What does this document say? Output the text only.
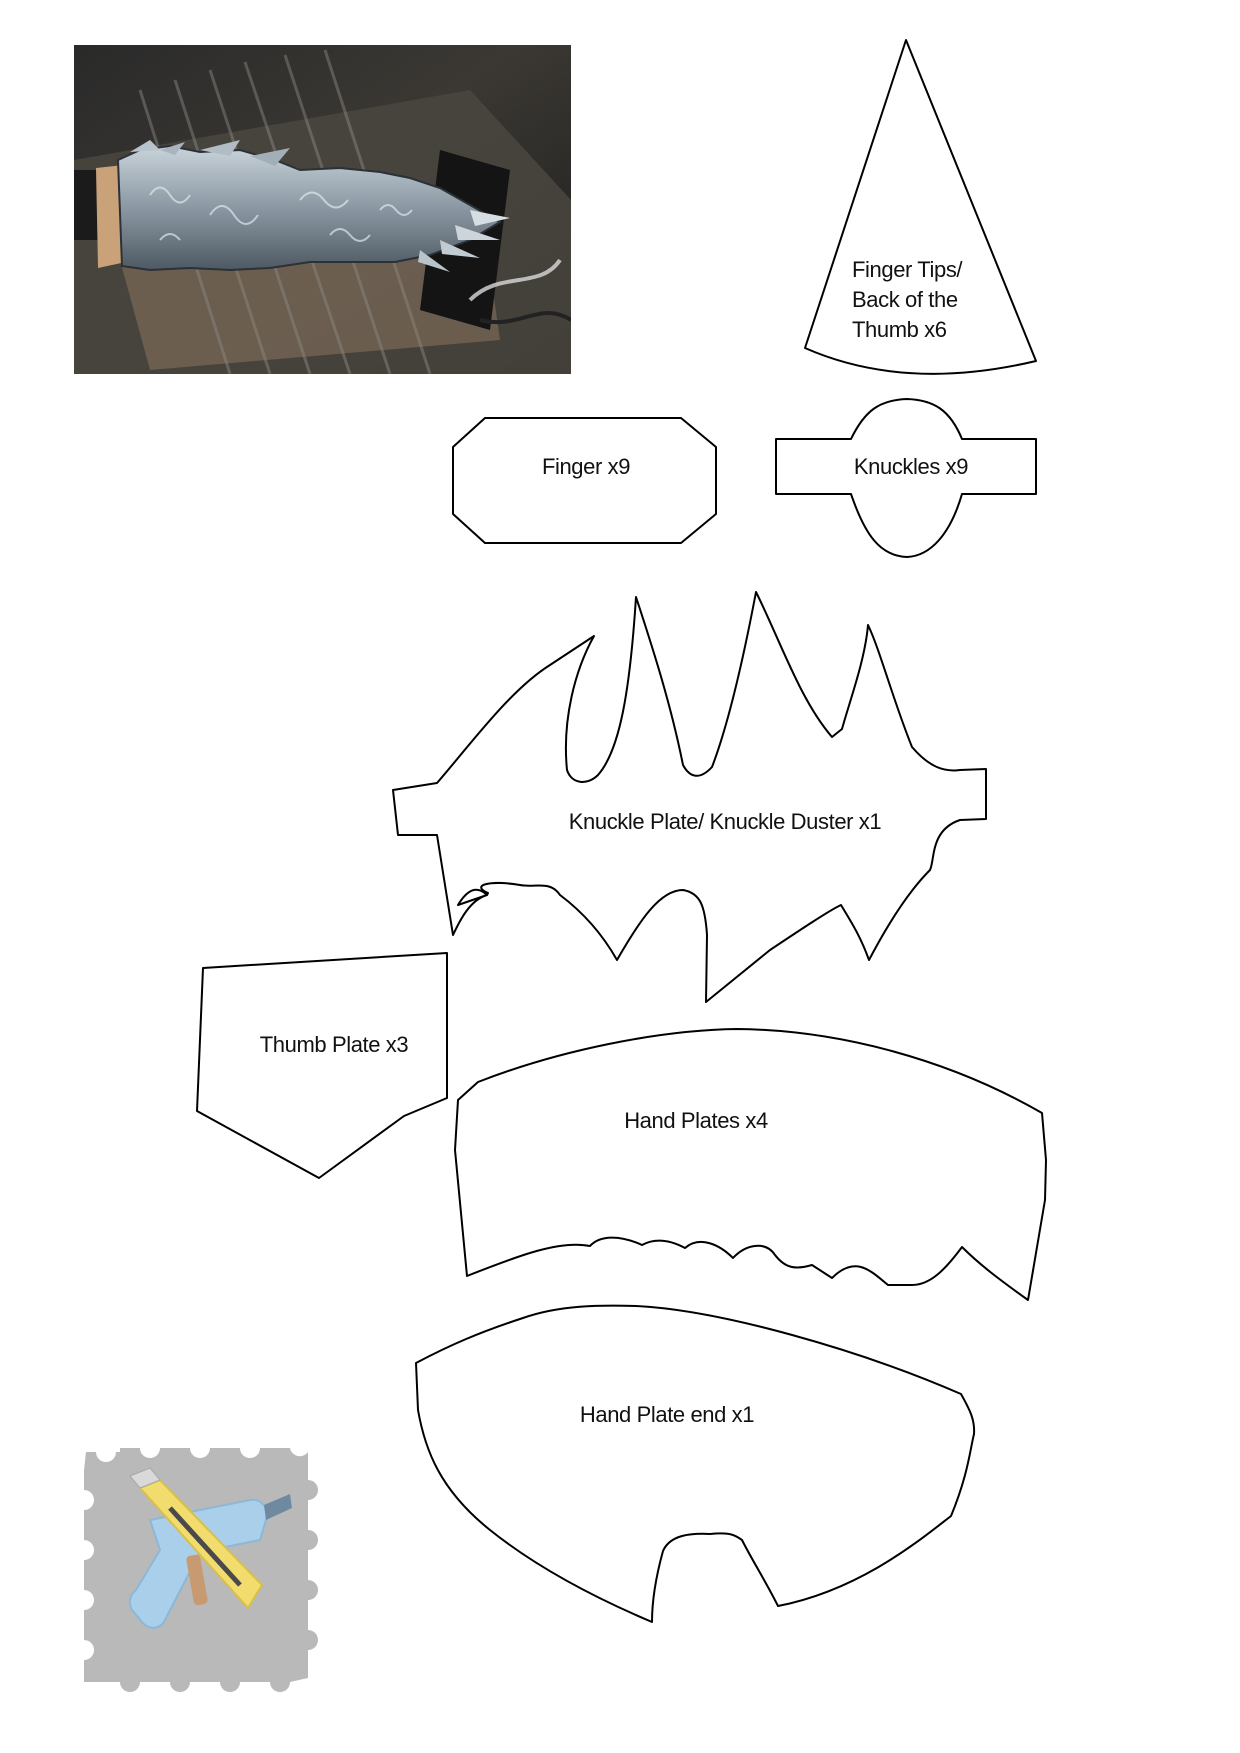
Finger Tips/
Back of the
Thumb x6
Finger x9	Knuckles x9
Knuckle Plate/ Knuckle Duster x1
Thumb Plate x3
Hand Plates x4
Hand Plate end x1
